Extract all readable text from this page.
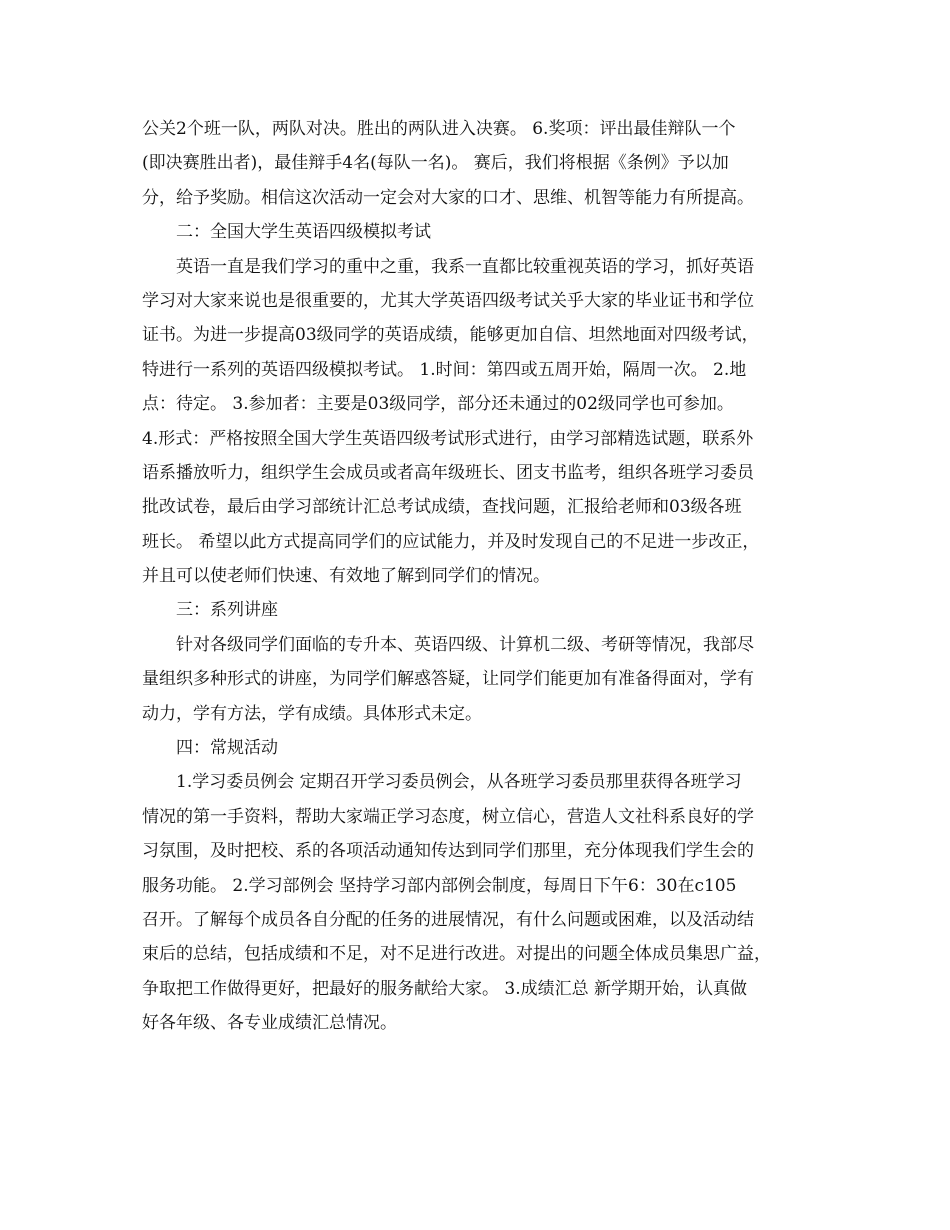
公关2个班一队，两队对决。胜出的两队进入决赛。 6.奖项：评出最佳辩队一个
(即决赛胜出者)，最佳辩手4名(每队一名)。 赛后，我们将根据《条例》予以加
分，给予奖励。相信这次活动一定会对大家的口才、思维、机智等能力有所提高。
二：全国大学生英语四级模拟考试
英语一直是我们学习的重中之重，我系一直都比较重视英语的学习，抓好英语
学习对大家来说也是很重要的，尤其大学英语四级考试关乎大家的毕业证书和学位
证书。为进一步提高03级同学的英语成绩，能够更加自信、坦然地面对四级考试，
特进行一系列的英语四级模拟考试。 1.时间：第四或五周开始，隔周一次。 2.地
点：待定。 3.参加者：主要是03级同学，部分还未通过的02级同学也可参加。
4.形式：严格按照全国大学生英语四级考试形式进行，由学习部精选试题，联系外
语系播放听力，组织学生会成员或者高年级班长、团支书监考，组织各班学习委员
批改试卷，最后由学习部统计汇总考试成绩，查找问题，汇报给老师和03级各班
班长。 希望以此方式提高同学们的应试能力，并及时发现自己的不足进一步改正，
并且可以使老师们快速、有效地了解到同学们的情况。
三：系列讲座
针对各级同学们面临的专升本、英语四级、计算机二级、考研等情况，我部尽
量组织多种形式的讲座，为同学们解惑答疑，让同学们能更加有准备得面对，学有
动力，学有方法，学有成绩。具体形式未定。
四：常规活动
1.学习委员例会 定期召开学习委员例会，从各班学习委员那里获得各班学习
情况的第一手资料，帮助大家端正学习态度，树立信心，营造人文社科系良好的学
习氛围，及时把校、系的各项活动通知传达到同学们那里，充分体现我们学生会的
服务功能。 2.学习部例会 坚持学习部内部例会制度，每周日下午6：30在c105
召开。了解每个成员各自分配的任务的进展情况，有什么问题或困难，以及活动结
束后的总结，包括成绩和不足，对不足进行改进。对提出的问题全体成员集思广益，
争取把工作做得更好，把最好的服务献给大家。 3.成绩汇总 新学期开始，认真做
好各年级、各专业成绩汇总情况。
